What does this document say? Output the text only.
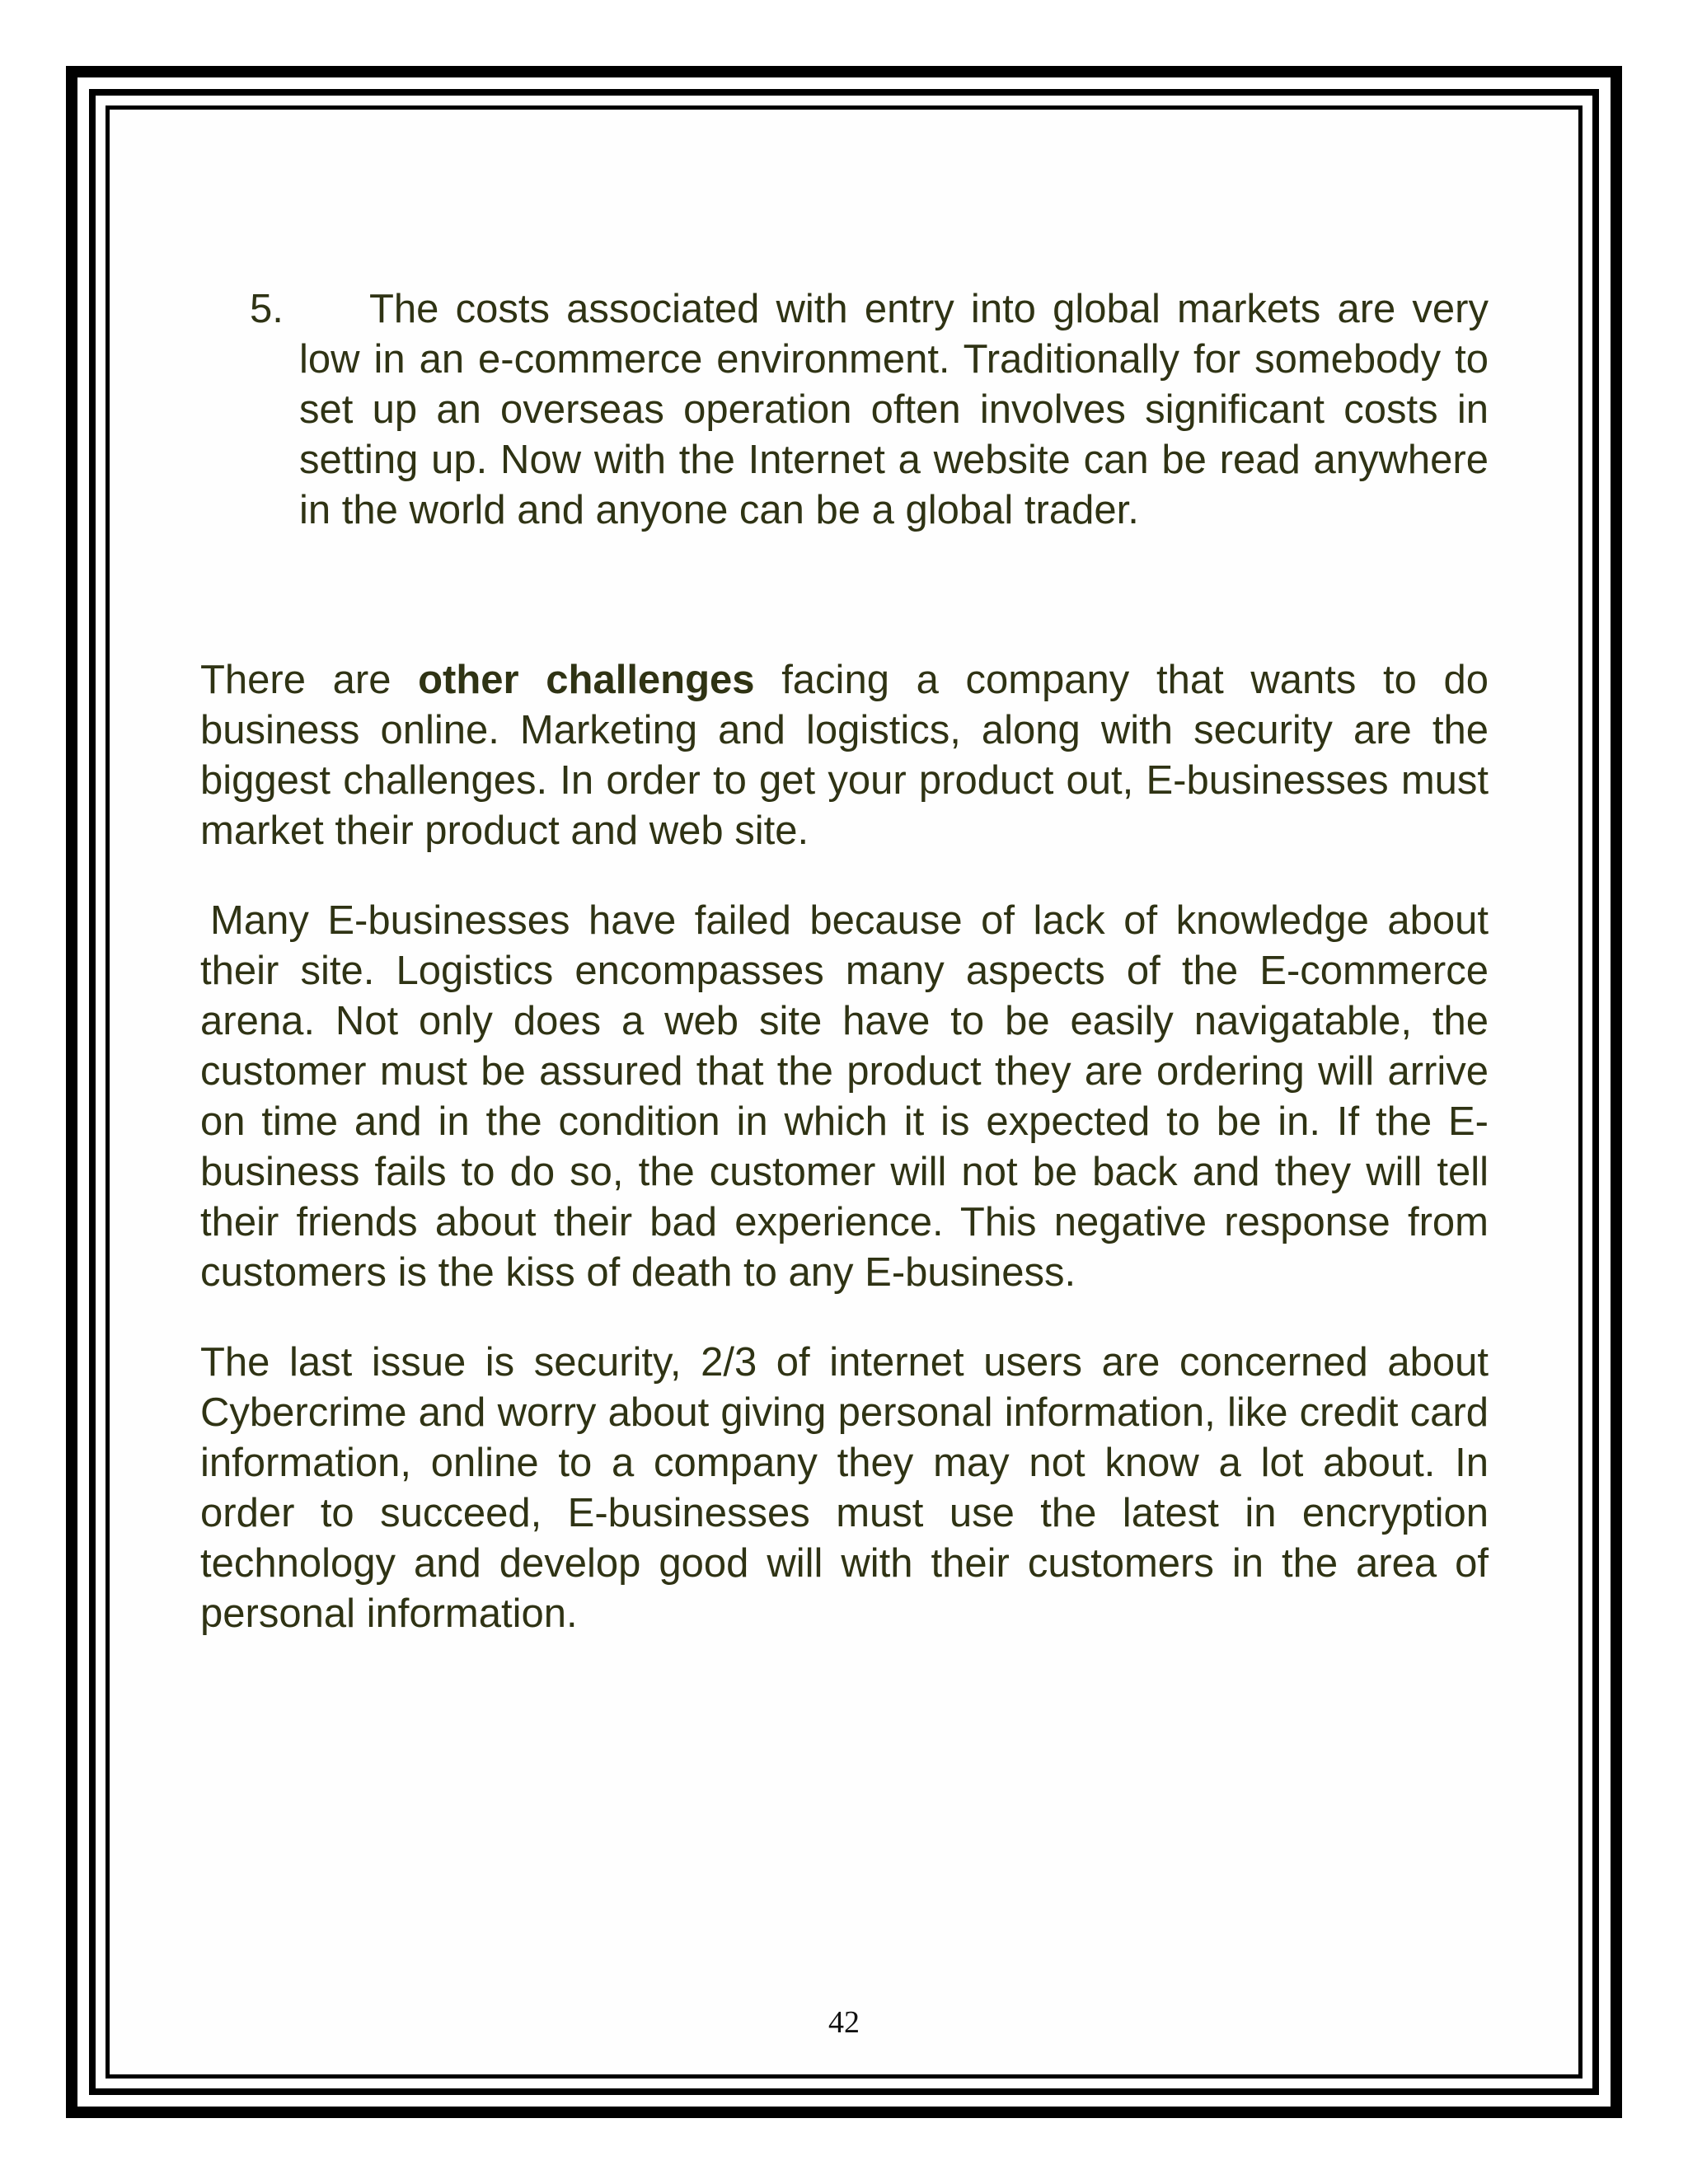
5.	The costs associated with entry into global markets are very low in an e-commerce environment. Traditionally for somebody to set up an overseas operation often involves significant costs in setting up. Now with the Internet a website can be read anywhere in the world and anyone can be a global trader.

There are other challenges facing a company that wants to do business online. Marketing and logistics, along with security are the biggest challenges. In order to get your product out, E-businesses must market their product and web site.

Many E-businesses have failed because of lack of knowledge about their site. Logistics encompasses many aspects of the E-commerce arena. Not only does a web site have to be easily navigatable, the customer must be assured that the product they are ordering will arrive on time and in the condition in which it is expected to be in. If the E-business fails to do so, the customer will not be back and they will tell their friends about their bad experience. This negative response from customers is the kiss of death to any E-business.

The last issue is security, 2/3 of internet users are concerned about Cybercrime and worry about giving personal information, like credit card information, online to a company they may not know a lot about. In order to succeed, E-businesses must use the latest in encryption technology and develop good will with their customers in the area of personal information.

42
